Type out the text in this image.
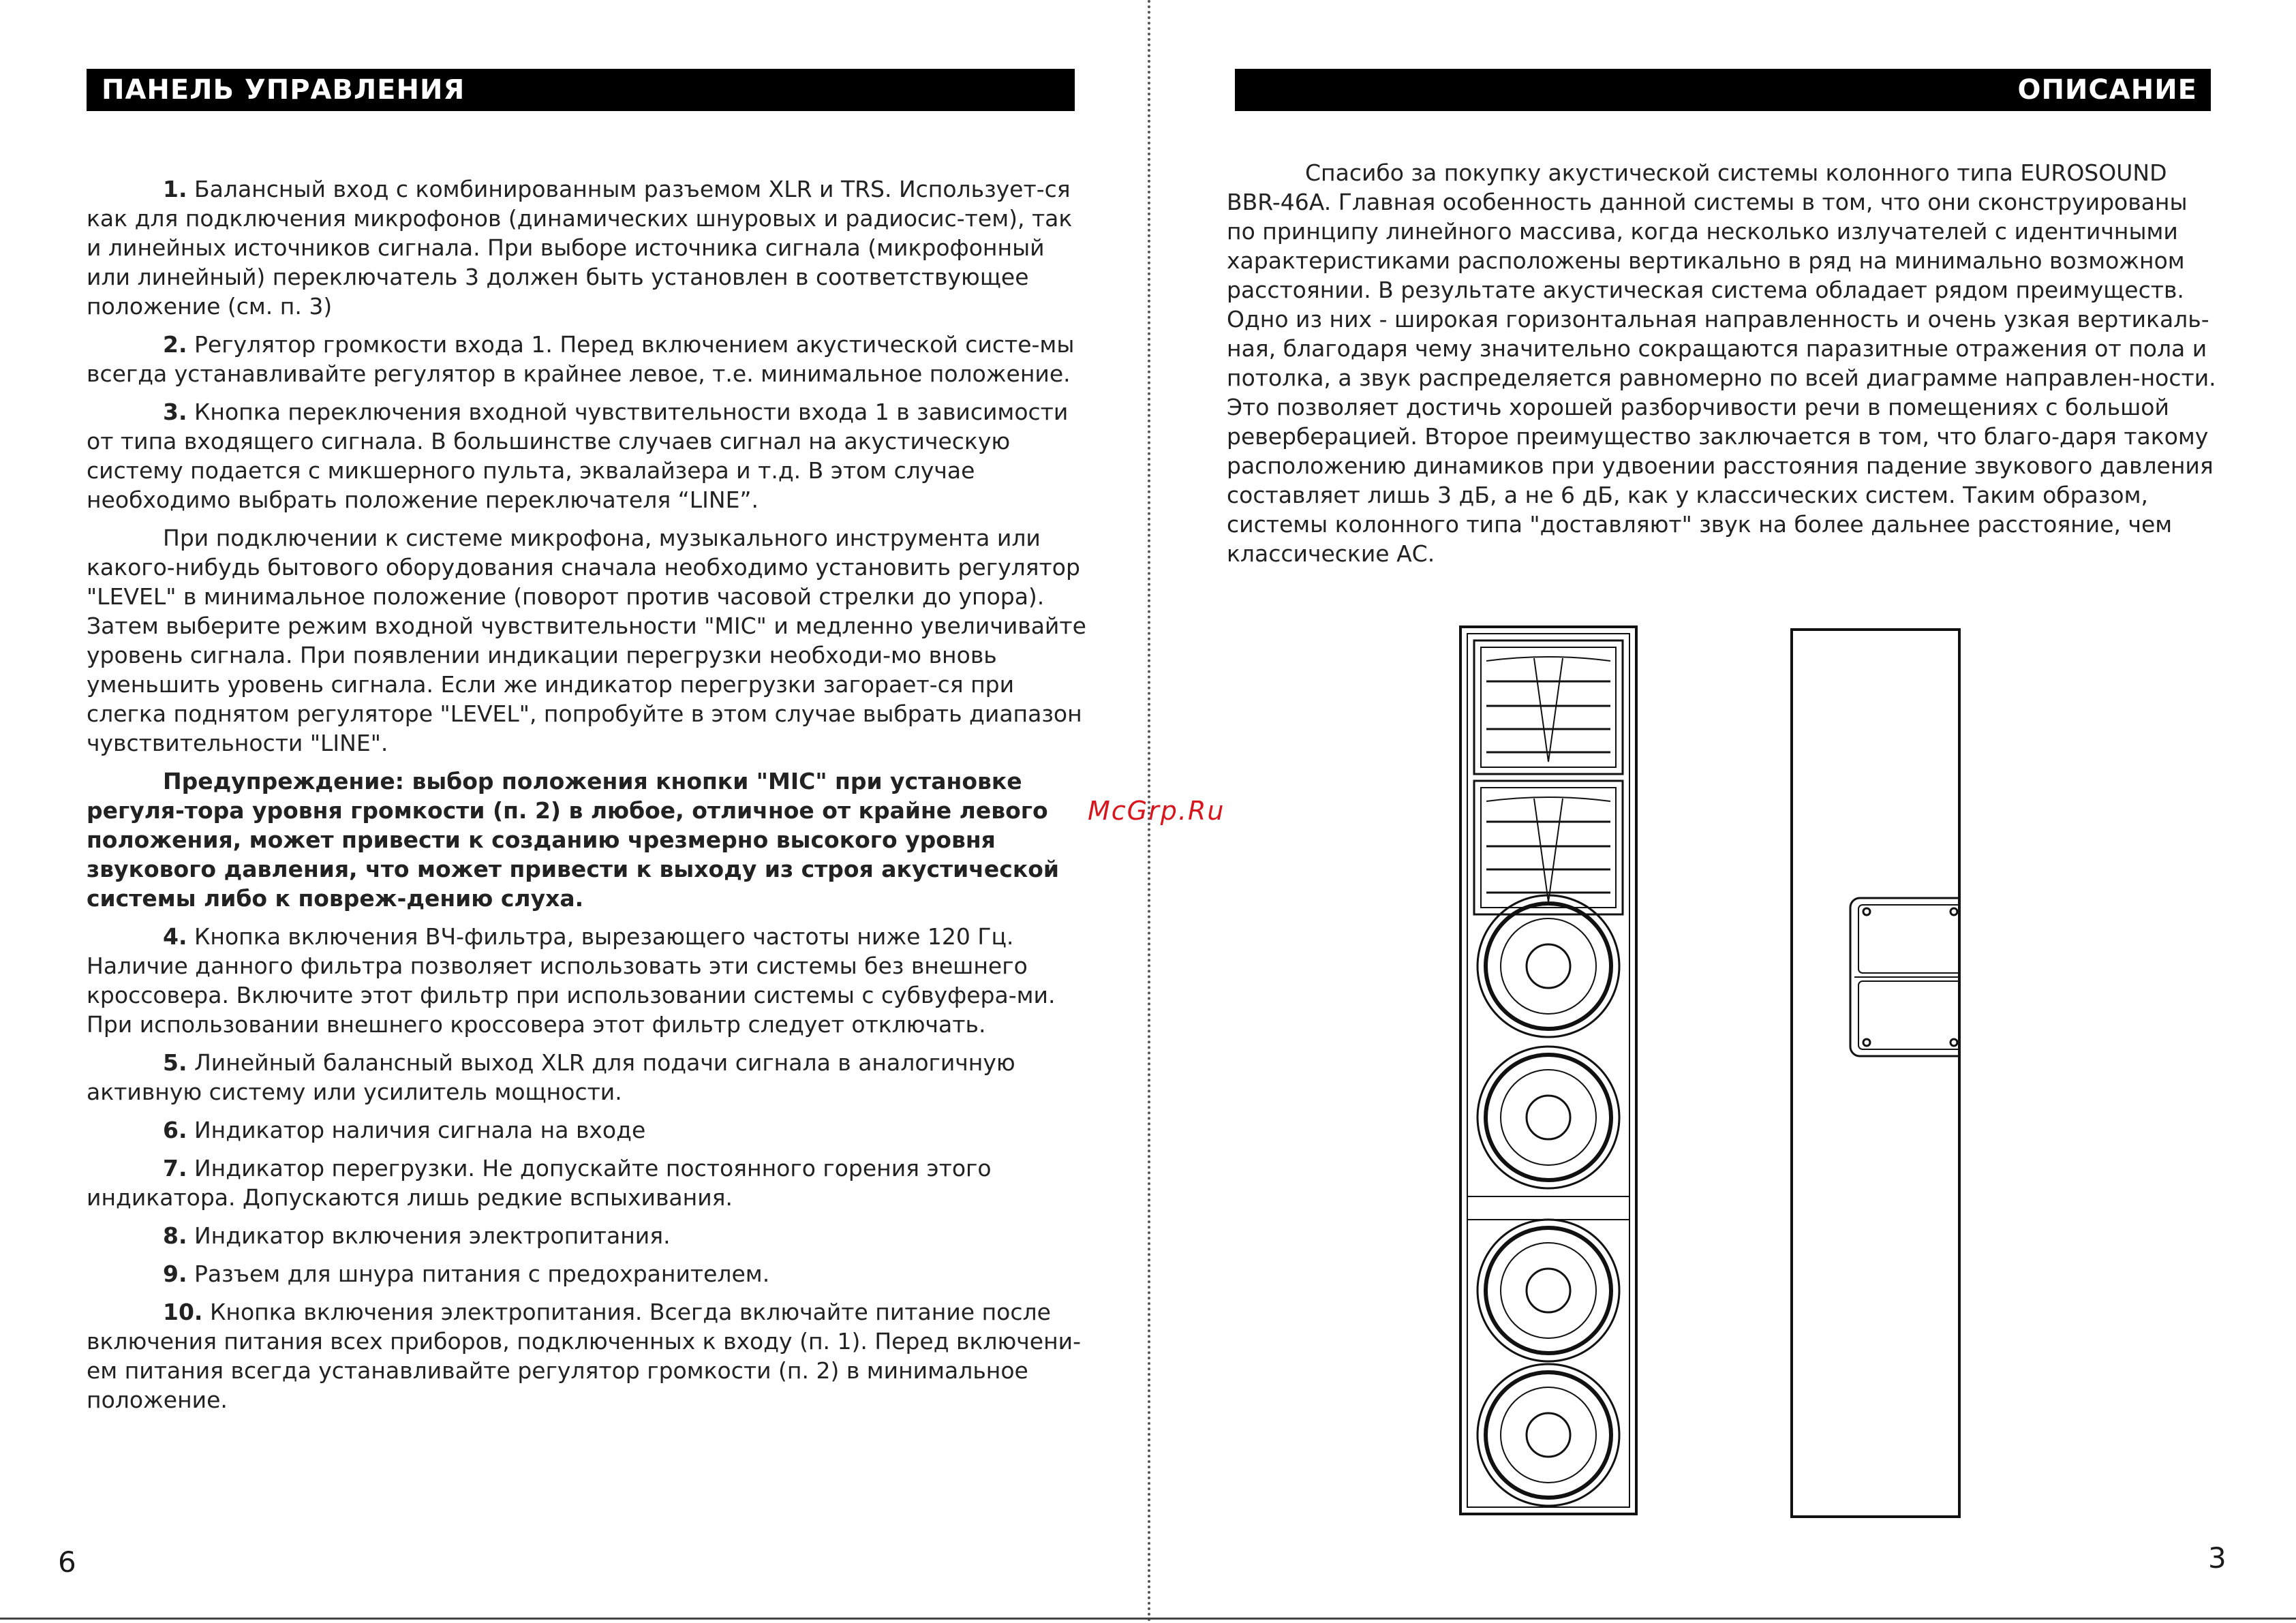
ПАНЕЛЬ УПРАВЛЕНИЯ

1. Балансный вход с комбинированным разъемом XLR и TRS. Использует-ся как для подключения микрофонов (динамических шнуровых и радиосис-тем), так и линейных источников сигнала. При выборе источника сигнала (микрофонный или линейный) переключатель 3 должен быть установлен в соответствующее положение (см. п. 3)

2. Регулятор громкости входа 1. Перед включением акустической систе-мы всегда устанавливайте регулятор в крайнее левое, т.е. минимальное положение.

3. Кнопка переключения входной чувствительности входа 1 в зависимости от типа входящего сигнала. В большинстве случаев сигнал на акустическую систему подается с микшерного пульта, эквалайзера и т.д. В этом случае необходимо выбрать положение переключателя “LINE”.

При подключении к системе микрофона, музыкального инструмента или какого-нибудь бытового оборудования сначала необходимо установить регулятор "LEVEL" в минимальное положение (поворот против часовой стрелки до упора). Затем выберите режим входной чувствительности "MIC" и медленно увеличивайте уровень сигнала. При появлении индикации перегрузки необходи-мо вновь уменьшить уровень сигнала. Если же индикатор перегрузки загорает-ся при слегка поднятом регуляторе "LEVEL", попробуйте в этом случае выбрать диапазон чувствительности "LINE".

Предупреждение: выбор положения кнопки "MIC" при установке регуля-тора уровня громкости (п. 2) в любое, отличное от крайне левого положения, может привести к созданию чрезмерно высокого уровня звукового давления, что может привести к выходу из строя акустической системы либо к повреж-дению слуха.

4. Кнопка включения ВЧ-фильтра, вырезающего частоты ниже 120 Гц. Наличие данного фильтра позволяет использовать эти системы без внешнего кроссовера. Включите этот фильтр при использовании системы с субвуфера-ми. При использовании внешнего кроссовера этот фильтр следует отключать.

5. Линейный балансный выход XLR для подачи сигнала в аналогичную активную систему или усилитель мощности.

6. Индикатор наличия сигнала на входе

7. Индикатор перегрузки. Не допускайте постоянного горения этого индикатора. Допускаются лишь редкие вспыхивания.

8. Индикатор включения электропитания.

9. Разъем для шнура питания с предохранителем.

10. Кнопка включения электропитания. Всегда включайте питание после включения питания всех приборов, подключенных к входу (п. 1). Перед включени-ем питания всегда устанавливайте регулятор громкости (п. 2) в минимальное положение.

6
McGrp.Ru
ОПИСАНИЕ

Спасибо за покупку акустической системы колонного типа EUROSOUND BBR-46A. Главная особенность данной системы в том, что они сконструированы по принципу линейного массива, когда несколько излучателей с идентичными характеристиками расположены вертикально в ряд на минимально возможном расстоянии. В результате акустическая система обладает рядом преимуществ. Одно из них - широкая горизонтальная направленность и очень узкая вертикаль-ная, благодаря чему значительно сокращаются паразитные отражения от пола и потолка, а звук распределяется равномерно по всей диаграмме направлен-ности. Это позволяет достичь хорошей разборчивости речи в помещениях с большой реверберацией. Второе преимущество заключается в том, что благо-даря такому расположению динамиков при удвоении расстояния падение звукового давления составляет лишь 3 дБ, а не 6 дБ, как у классических систем. Таким образом, системы колонного типа "доставляют" звук на более дальнее расстояние, чем классические АС.

3
